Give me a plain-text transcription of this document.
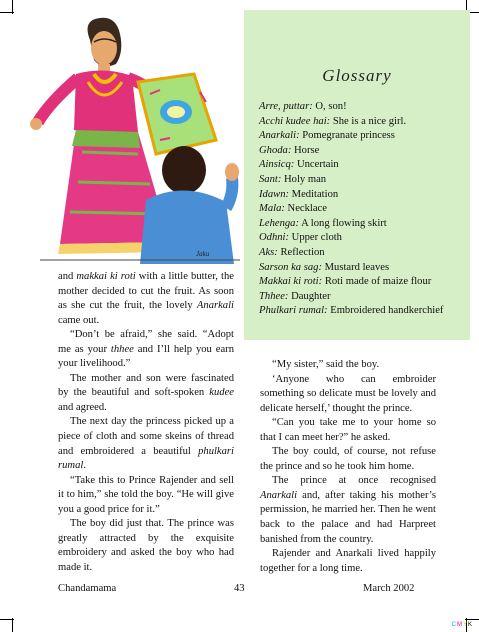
Jaku
Glossary
Arre, puttar: O, son!
Acchi kudee hai: She is a nice girl.
Anarkali: Pomegranate princess
Ghoda: Horse
Ainsicq: Uncertain
Sant: Holy man
Idawn: Meditation
Mala: Necklace
Lehenga: A long flowing skirt
Odhni: Upper cloth
Aks: Reflection
Sarson ka sag: Mustard leaves
Makkai ki roti: Roti made of maize flour
Thhee: Daughter
Phulkari rumal: Embroidered handkerchief

and makkai ki roti with a little butter, the mother decided to cut the fruit. As soon as she cut the fruit, the lovely Anarkali came out.

“Don’t be afraid,” she said. “Adopt me as your thhee and I’ll help you earn your livelihood.”

The mother and son were fascinated by the beautiful and soft-spoken kudee and agreed.

The next day the princess picked up a piece of cloth and some skeins of thread and embroidered a beautiful phulkari rumal.

“Take this to Prince Rajender and sell it to him,” she told the boy. “He will give you a good price for it.”

The boy did just that. The prince was greatly attracted by the exquisite embroidery and asked the boy who had made it.

“My sister,” said the boy.

‘Anyone who can embroider something so delicate must be lovely and delicate herself,’ thought the prince.

“Can you take me to your home so that I can meet her?” he asked.

The boy could, of course, not refuse the prince and so he took him home.

The prince at once recognised Anarkali and, after taking his mother’s permission, he married her. Then he went back to the palace and had Harpreet banished from the country.

Rajender and Anarkali lived happily together for a long time.

Chandamama	43	March 2002
CMYK
